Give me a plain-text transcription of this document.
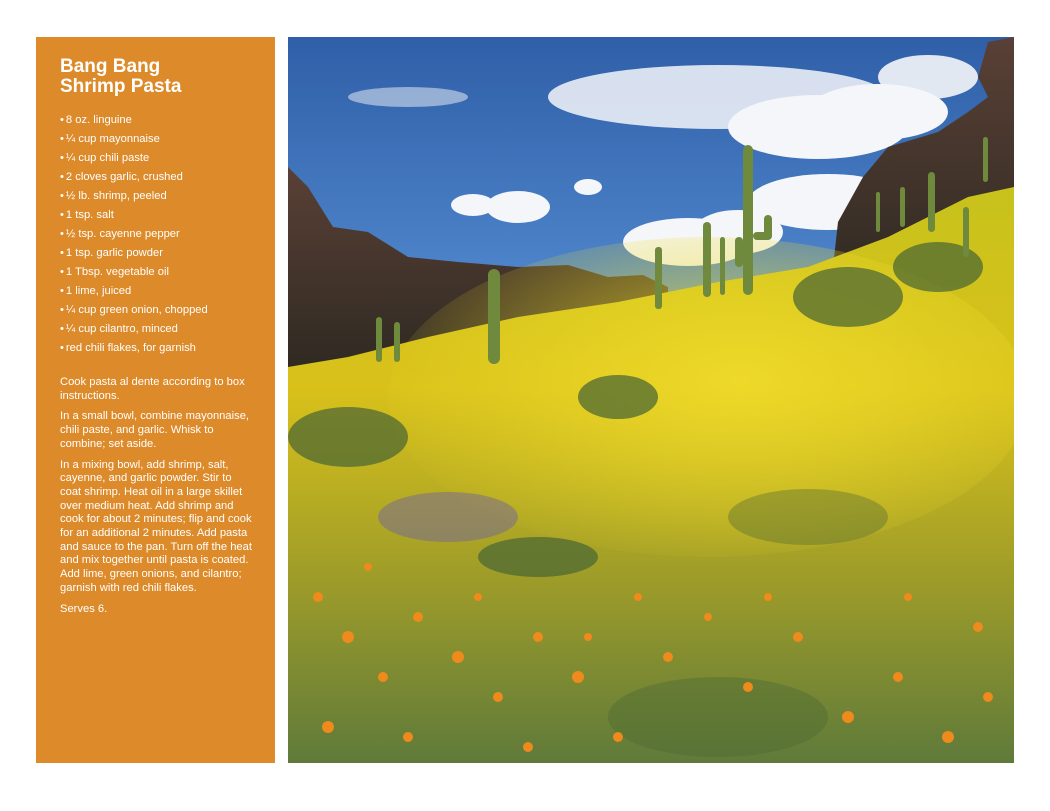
Bang Bang
Shrimp Pasta
• 8 oz. linguine
• ¼ cup mayonnaise
• ¼ cup chili paste
• 2 cloves garlic, crushed
• ½ lb. shrimp, peeled
• 1 tsp. salt
• ½ tsp. cayenne pepper
• 1 tsp. garlic powder
• 1 Tbsp. vegetable oil
• 1 lime, juiced
• ¼ cup green onion, chopped
• ¼ cup cilantro, minced
• red chili flakes, for garnish

Cook pasta al dente according to box instructions.

In a small bowl, combine mayonnaise, chili paste, and garlic. Whisk to combine; set aside.

In a mixing bowl, add shrimp, salt, cayenne, and garlic powder. Stir to coat shrimp. Heat oil in a large skillet over medium heat. Add shrimp and cook for about 2 minutes; flip and cook for an additional 2 minutes. Add pasta and sauce to the pan. Turn off the heat and mix together until pasta is coated. Add lime, green onions, and cilantro; garnish with red chili flakes.

Serves 6.
